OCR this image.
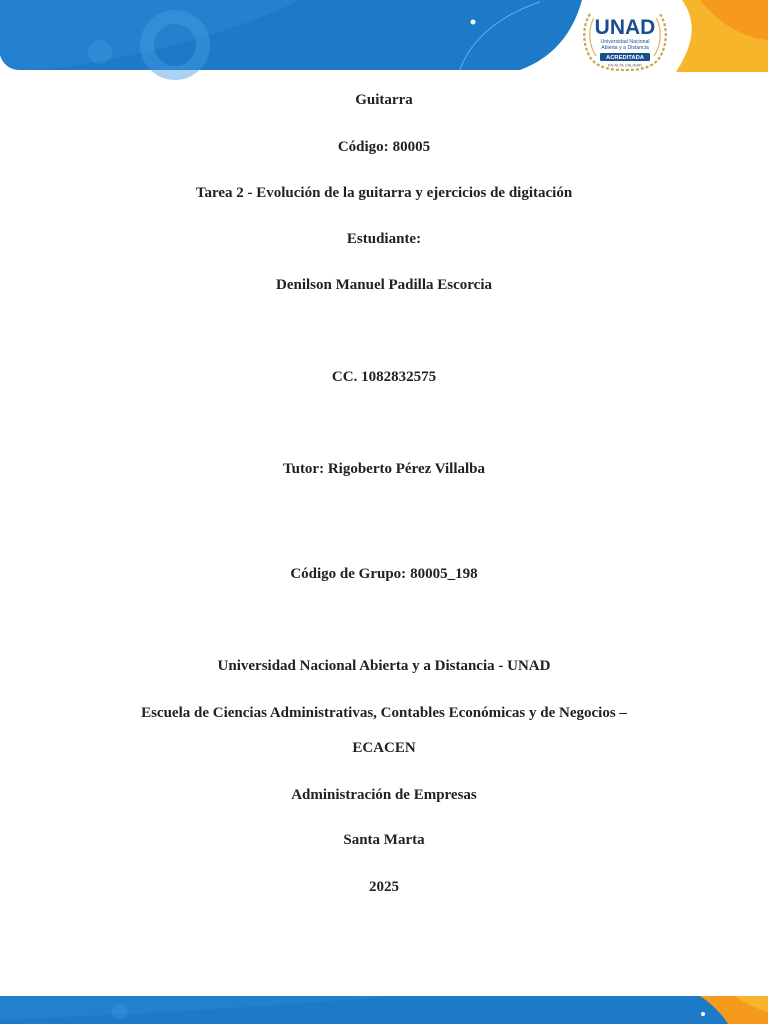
UNAD
Universidad Nacional
Abierta y a Distancia
ACREDITADA
EN ALTA CALIDAD
Guitarra
Código: 80005
Tarea 2 - Evolución de la guitarra y ejercicios de digitación
Estudiante:
Denilson Manuel Padilla Escorcia
CC. 1082832575
Tutor: Rigoberto Pérez Villalba
Código de Grupo: 80005_198
Universidad Nacional Abierta y a Distancia - UNAD
Escuela de Ciencias Administrativas, Contables Económicas y de Negocios –
ECACEN
Administración de Empresas
Santa Marta
2025
